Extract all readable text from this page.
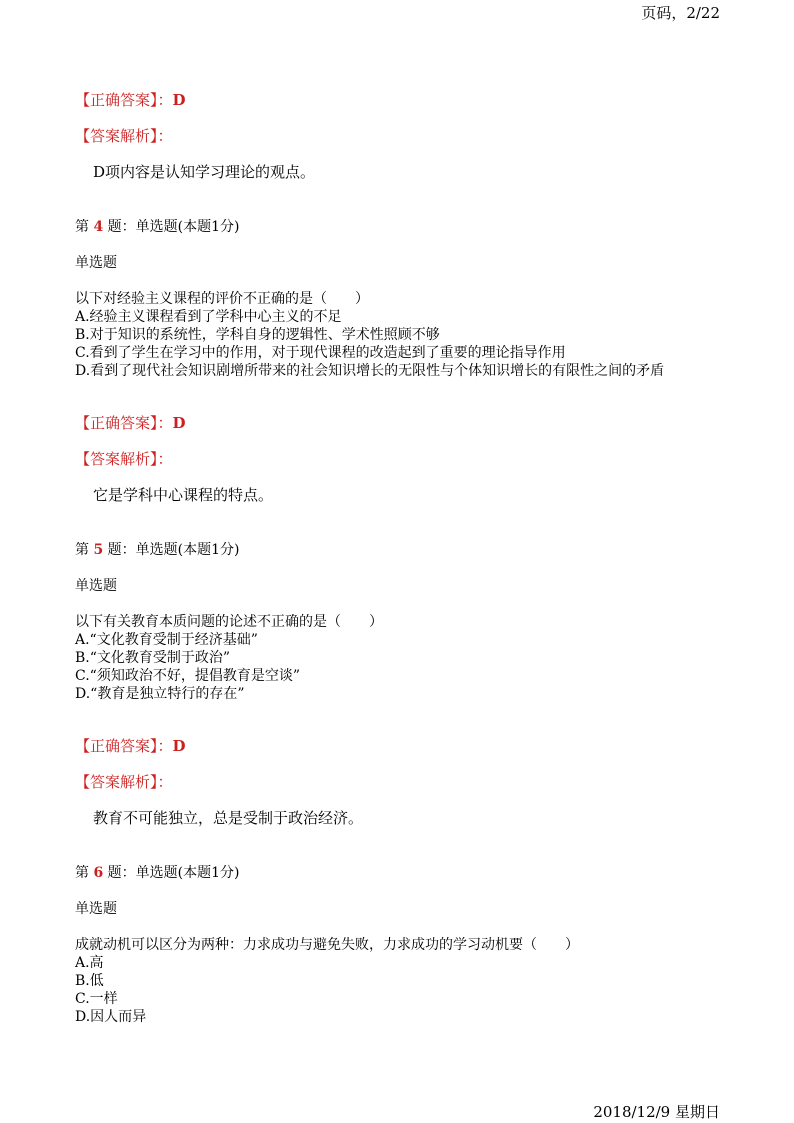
页码，2/22
2018/12/9 星期日
【正确答案】：D
【答案解析】：
D项内容是认知学习理论的观点。
第 4 题：单选题(本题1分)
单选题
以下对经验主义课程的评价不正确的是（　　）
A.经验主义课程看到了学科中心主义的不足
B.对于知识的系统性，学科自身的逻辑性、学术性照顾不够
C.看到了学生在学习中的作用，对于现代课程的改造起到了重要的理论指导作用
D.看到了现代社会知识剧增所带来的社会知识增长的无限性与个体知识增长的有限性之间的矛盾
【正确答案】：D
【答案解析】：
它是学科中心课程的特点。
第 5 题：单选题(本题1分)
单选题
以下有关教育本质问题的论述不正确的是（　　）
A.“文化教育受制于经济基础”
B.“文化教育受制于政治”
C.“须知政治不好，提倡教育是空谈”
D.“教育是独立特行的存在”
【正确答案】：D
【答案解析】：
教育不可能独立，总是受制于政治经济。
第 6 题：单选题(本题1分)
单选题
成就动机可以区分为两种：力求成功与避免失败，力求成功的学习动机要（　　）
A.高
B.低
C.一样
D.因人而异
